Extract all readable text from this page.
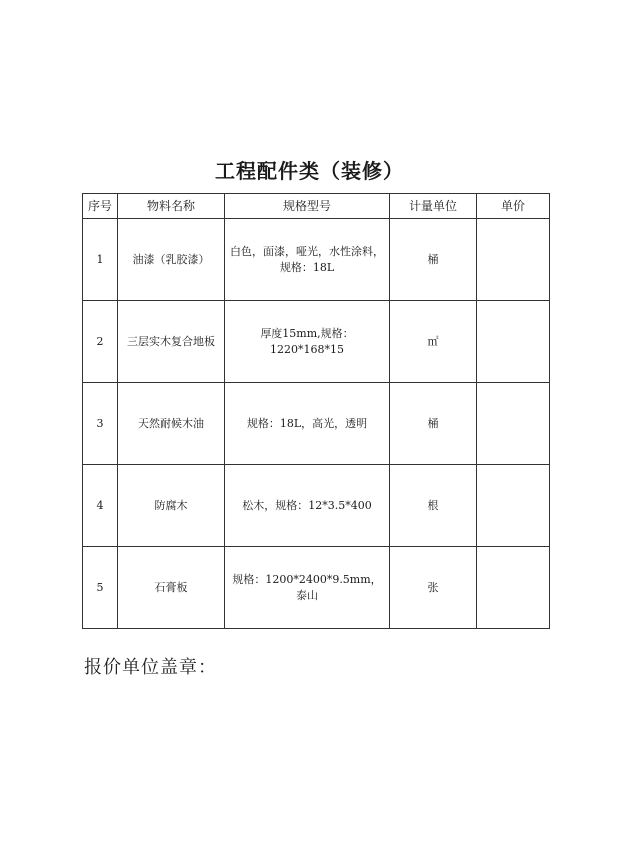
工程配件类（装修）
序号	物料名称	规格型号	计量单位	单价
1	油漆（乳胶漆）	白色，面漆，哑光，水性涂料，规格：18L	桶	
2	三层实木复合地板	厚度15mm,规格：1220*168*15	㎡	
3	天然耐候木油	规格：18L，高光，透明	桶	
4	防腐木	松木，规格：12*3.5*400	根	
5	石膏板	规格：1200*2400*9.5mm，泰山	张	
报价单位盖章：
